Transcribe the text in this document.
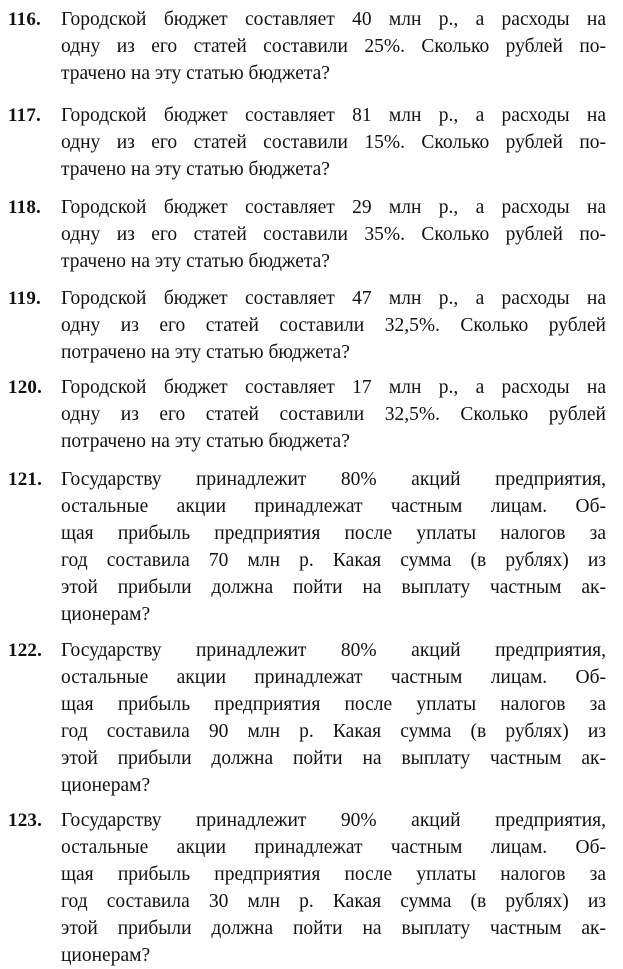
116. Городской бюджет составляет 40 млн р., а расходы на
одну из его статей составили 25%. Сколько рублей по-
трачено на эту статью бюджета?
117. Городской бюджет составляет 81 млн р., а расходы на
одну из его статей составили 15%. Сколько рублей по-
трачено на эту статью бюджета?
118. Городской бюджет составляет 29 млн р., а расходы на
одну из его статей составили 35%. Сколько рублей по-
трачено на эту статью бюджета?
119. Городской бюджет составляет 47 млн р., а расходы на
одну из его статей составили 32,5%. Сколько рублей
потрачено на эту статью бюджета?
120. Городской бюджет составляет 17 млн р., а расходы на
одну из его статей составили 32,5%. Сколько рублей
потрачено на эту статью бюджета?
121. Государству принадлежит 80% акций предприятия,
остальные акции принадлежат частным лицам. Об-
щая прибыль предприятия после уплаты налогов за
год составила 70 млн р. Какая сумма (в рублях) из
этой прибыли должна пойти на выплату частным ак-
ционерам?
122. Государству принадлежит 80% акций предприятия,
остальные акции принадлежат частным лицам. Об-
щая прибыль предприятия после уплаты налогов за
год составила 90 млн р. Какая сумма (в рублях) из
этой прибыли должна пойти на выплату частным ак-
ционерам?
123. Государству принадлежит 90% акций предприятия,
остальные акции принадлежат частным лицам. Об-
щая прибыль предприятия после уплаты налогов за
год составила 30 млн р. Какая сумма (в рублях) из
этой прибыли должна пойти на выплату частным ак-
ционерам?
